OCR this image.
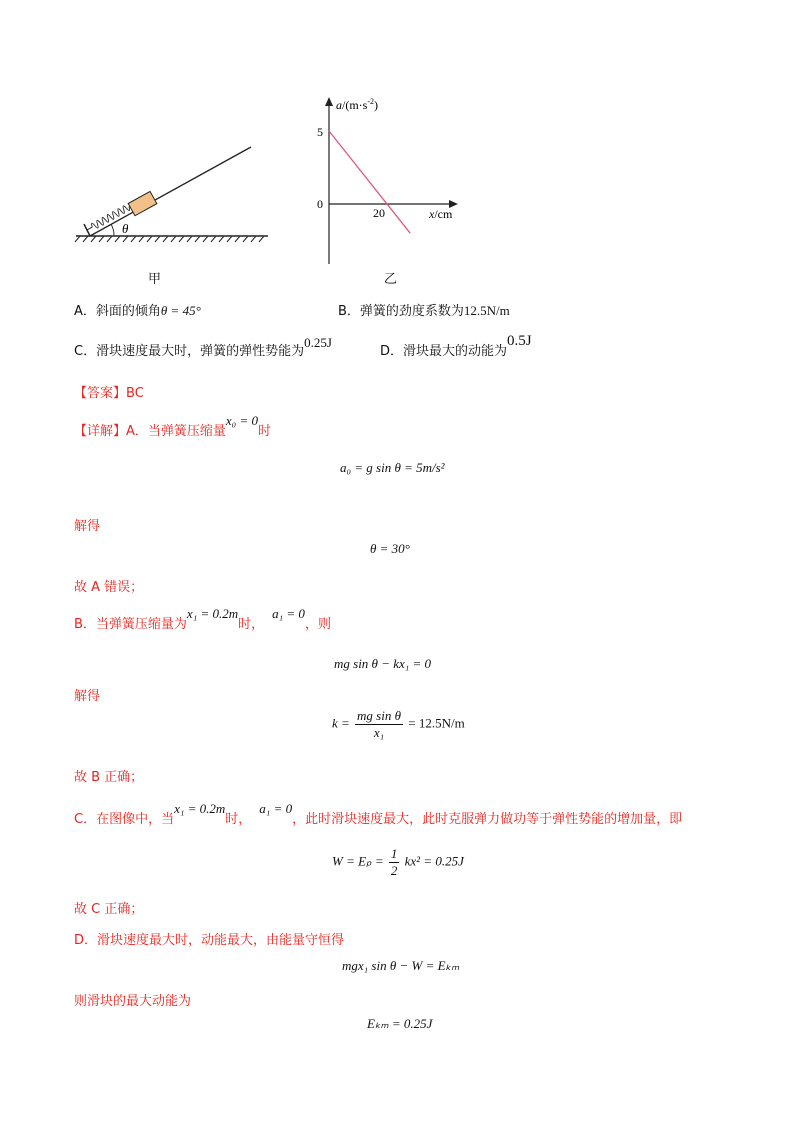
θ
甲
$a/(m\cdot s^{-2})$
5
0
20	x/cm
乙
A．斜面的倾角θ = 45°	B．弹簧的劲度系数为12.5N/m
C．滑块速度最大时，弹簧的弹性势能为$^{0.25J}$
D．滑块最大的动能为0.5J
【答案】BC
【详解】A．当弹簧压缩量$^{x_0 = 0}$时
a₀ = g sin θ = 5m/s²
解得
θ = 30°
故 A 错误；
B．当弹簧压缩量为$^{x_1 = 0.2m}$时，$^{a_1 = 0}$，则
mg sin θ − kx₁ = 0
解得
$k = \frac{\text{mg sin θ}}{\text{x₁}} = 12.5N/m$
故 B 正确；
C．在图像中，当$^{x_1 = 0.2m}$时，$^{a_1 = 0}$，此时滑块速度最大，此时克服弹力做功等于弹性势能的增加量，即
$W = E_p = \frac{1}{2} kx^2 = 0.25J$
故 C 正确；
D．滑块速度最大时，动能最大，由能量守恒得
mgx₁ sin θ − W = Eₖₘ
则滑块的最大动能为
Eₖₘ = 0.25J
